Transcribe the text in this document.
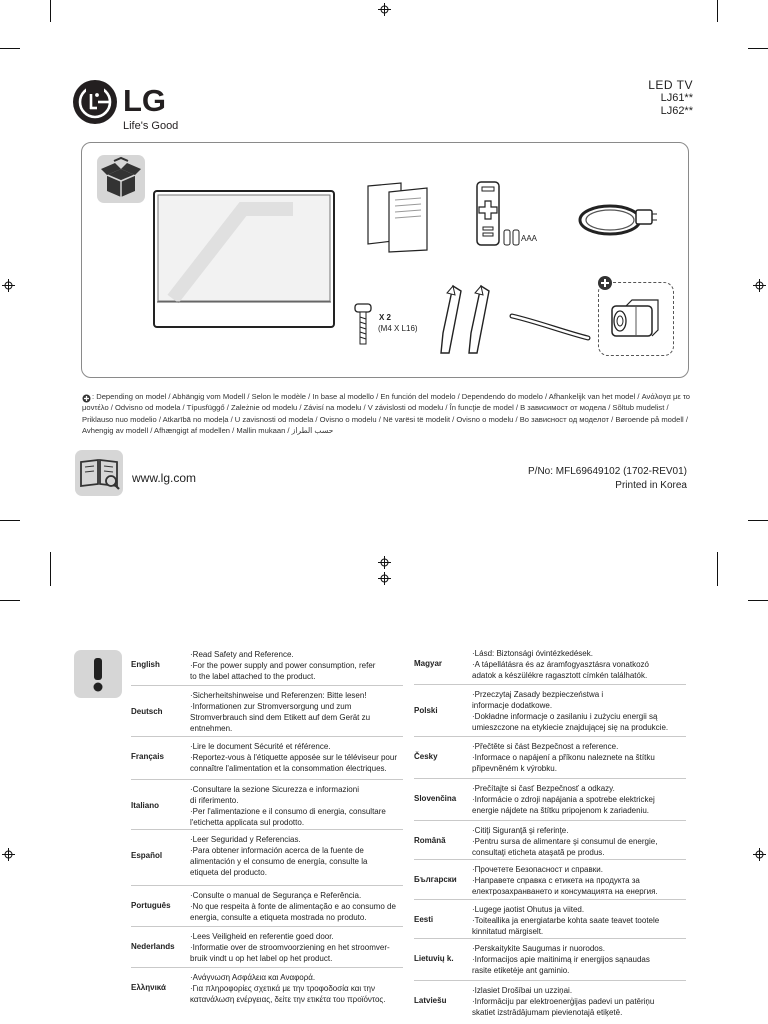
LG
Life's Good
LED TV
LJ61**
LJ62**
AAA
X 2
(M4 X L16)
: Depending on model / Abhängig vom Modell / Selon le modèle / In base al modello / En función del modelo / Dependendo do modelo / Afhankelijk van het model / Ανάλογα με το μοντέλο / Odvisno od modela / Típusfüggő / Zależnie od modelu / Závisí na modelu / V závislosti od modelu / În funcţie de model / В зависимост от модела / Sõltub mudelist / Priklauso nuo modelio / Atkarībā no modeļa / U zavisnosti od modela / Ovisno o modelu / Në varësi të modelit / Ovisno o modelu / Во зависност од моделот / Børoende på modell / Avhengig av modell / Afhængigt af modellen / Mallin mukaan / حسب الطراز
www.lg.com	P/No: MFL69649102 (1702-REV01)
Printed in Korea
English
·Read Safety and Reference.
·For the power supply and power consumption, refer
to the label attached to the product.
Deutsch
·Sicherheitshinweise und Referenzen: Bitte lesen!
·Informationen zur Stromversorgung und zum
Stromverbrauch sind dem Etikett auf dem Gerät zu
entnehmen.
Français
·Lire le document Sécurité et référence.
·Reportez-vous à l'étiquette apposée sur le téléviseur pour
connaître l'alimentation et la consommation électriques.
Italiano
·Consultare la sezione Sicurezza e informazioni
di riferimento.
·Per l'alimentazione e il consumo di energia, consultare
l'etichetta applicata sul prodotto.
Español
·Leer Seguridad y Referencias.
·Para obtener información acerca de la fuente de
alimentación y el consumo de energía, consulte la
etiqueta del producto.
Português
·Consulte o manual de Segurança e Referência.
·No que respeita à fonte de alimentação e ao consumo de
energia, consulte a etiqueta mostrada no produto.
Nederlands
·Lees Veiligheid en referentie goed door.
·Informatie over de stroomvoorziening en het stroomver-
bruik vindt u op het label op het product.
Ελληνικά
·Ανάγνωση Ασφάλεια και Αναφορά.
·Για πληροφορίες σχετικά με την τροφοδοσία και την
κατανάλωση ενέργειας, δείτε την ετικέτα του προϊόντος.
Magyar
·Lásd: Biztonsági óvintézkedések.
·A tápellátásra és az áramfogyasztásra vonatkozó
adatok a készülékre ragasztott címkén találhatók.
Polski
·Przeczytaj Zasady bezpieczeństwa i
informacje dodatkowe.
·Dokładne informacje o zasilaniu i zużyciu energii są
umieszczone na etykiecie znajdującej się na produkcie.
Česky
·Přečtěte si část Bezpečnost a reference.
·Informace o napájení a příkonu naleznete na štítku
připevněném k výrobku.
Slovenčina
·Prečítajte si časť Bezpečnosť a odkazy.
·Informácie o zdroji napájania a spotrebe elektrickej
energie nájdete na štítku pripojenom k zariadeniu.
Română
·Citiţi Siguranţă şi referinţe.
·Pentru sursa de alimentare şi consumul de energie,
consultaţi eticheta ataşată pe produs.
Български
·Прочетете Безопасност и справки.
·Направете справка с етикета на продукта за
електрозахранването и консумацията на енергия.
Eesti
·Lugege jaotist Ohutus ja viited.
·Toiteallika ja energiatarbe kohta saate teavet tootele
kinnitatud märgiselt.
Lietuvių k.
·Perskaitykite Saugumas ir nuorodos.
·Informacijos apie maitinimą ir energijos sąnaudas
rasite etiketėje ant gaminio.
Latviešu
·Izlasiet Drošībai un uzziņai.
·Informāciju par elektroenerģijas padevi un patēriņu
skatiet izstrādājumam pievienotajā etiķetē.
